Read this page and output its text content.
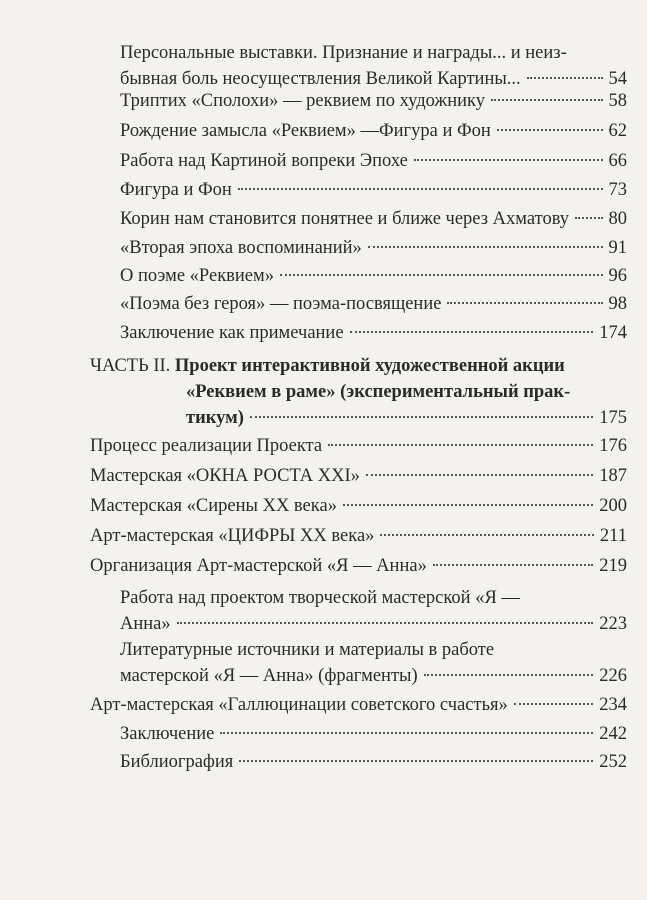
Персональные выставки. Признание и награды... и неиз-
бывная боль неосуществления Великой Картины...	54
Триптих «Сполохи» — реквием по художнику	58
Рождение замысла «Реквием» —Фигура и Фон	62
Работа над Картиной вопреки Эпохе	66
Фигура и Фон	73
Корин нам становится понятнее и ближе через Ахматову 80
«Вторая эпоха воспоминаний»	91
О поэме «Реквием»	96
«Поэма без героя» — поэма-посвящение	98
Заключение как примечание	174
ЧАСТЬ II. Проект интерактивной художественной акции
«Реквием в раме» (экспериментальный прак-
тикум)	175
Процесс реализации Проекта	176
Мастерская «ОКНА РОСТА XXI»	187
Мастерская «Сирены XX века»	200
Арт-мастерская «ЦИФРЫ XX века»	211
Организация Арт-мастерской «Я — Анна»	219
Работа над проектом творческой мастерской «Я —
Анна»	223
Литературные источники и материалы в работе
мастерской «Я — Анна» (фрагменты)	226
Арт-мастерская «Галлюцинации советского счастья»	234
Заключение	242
Библиография	252
